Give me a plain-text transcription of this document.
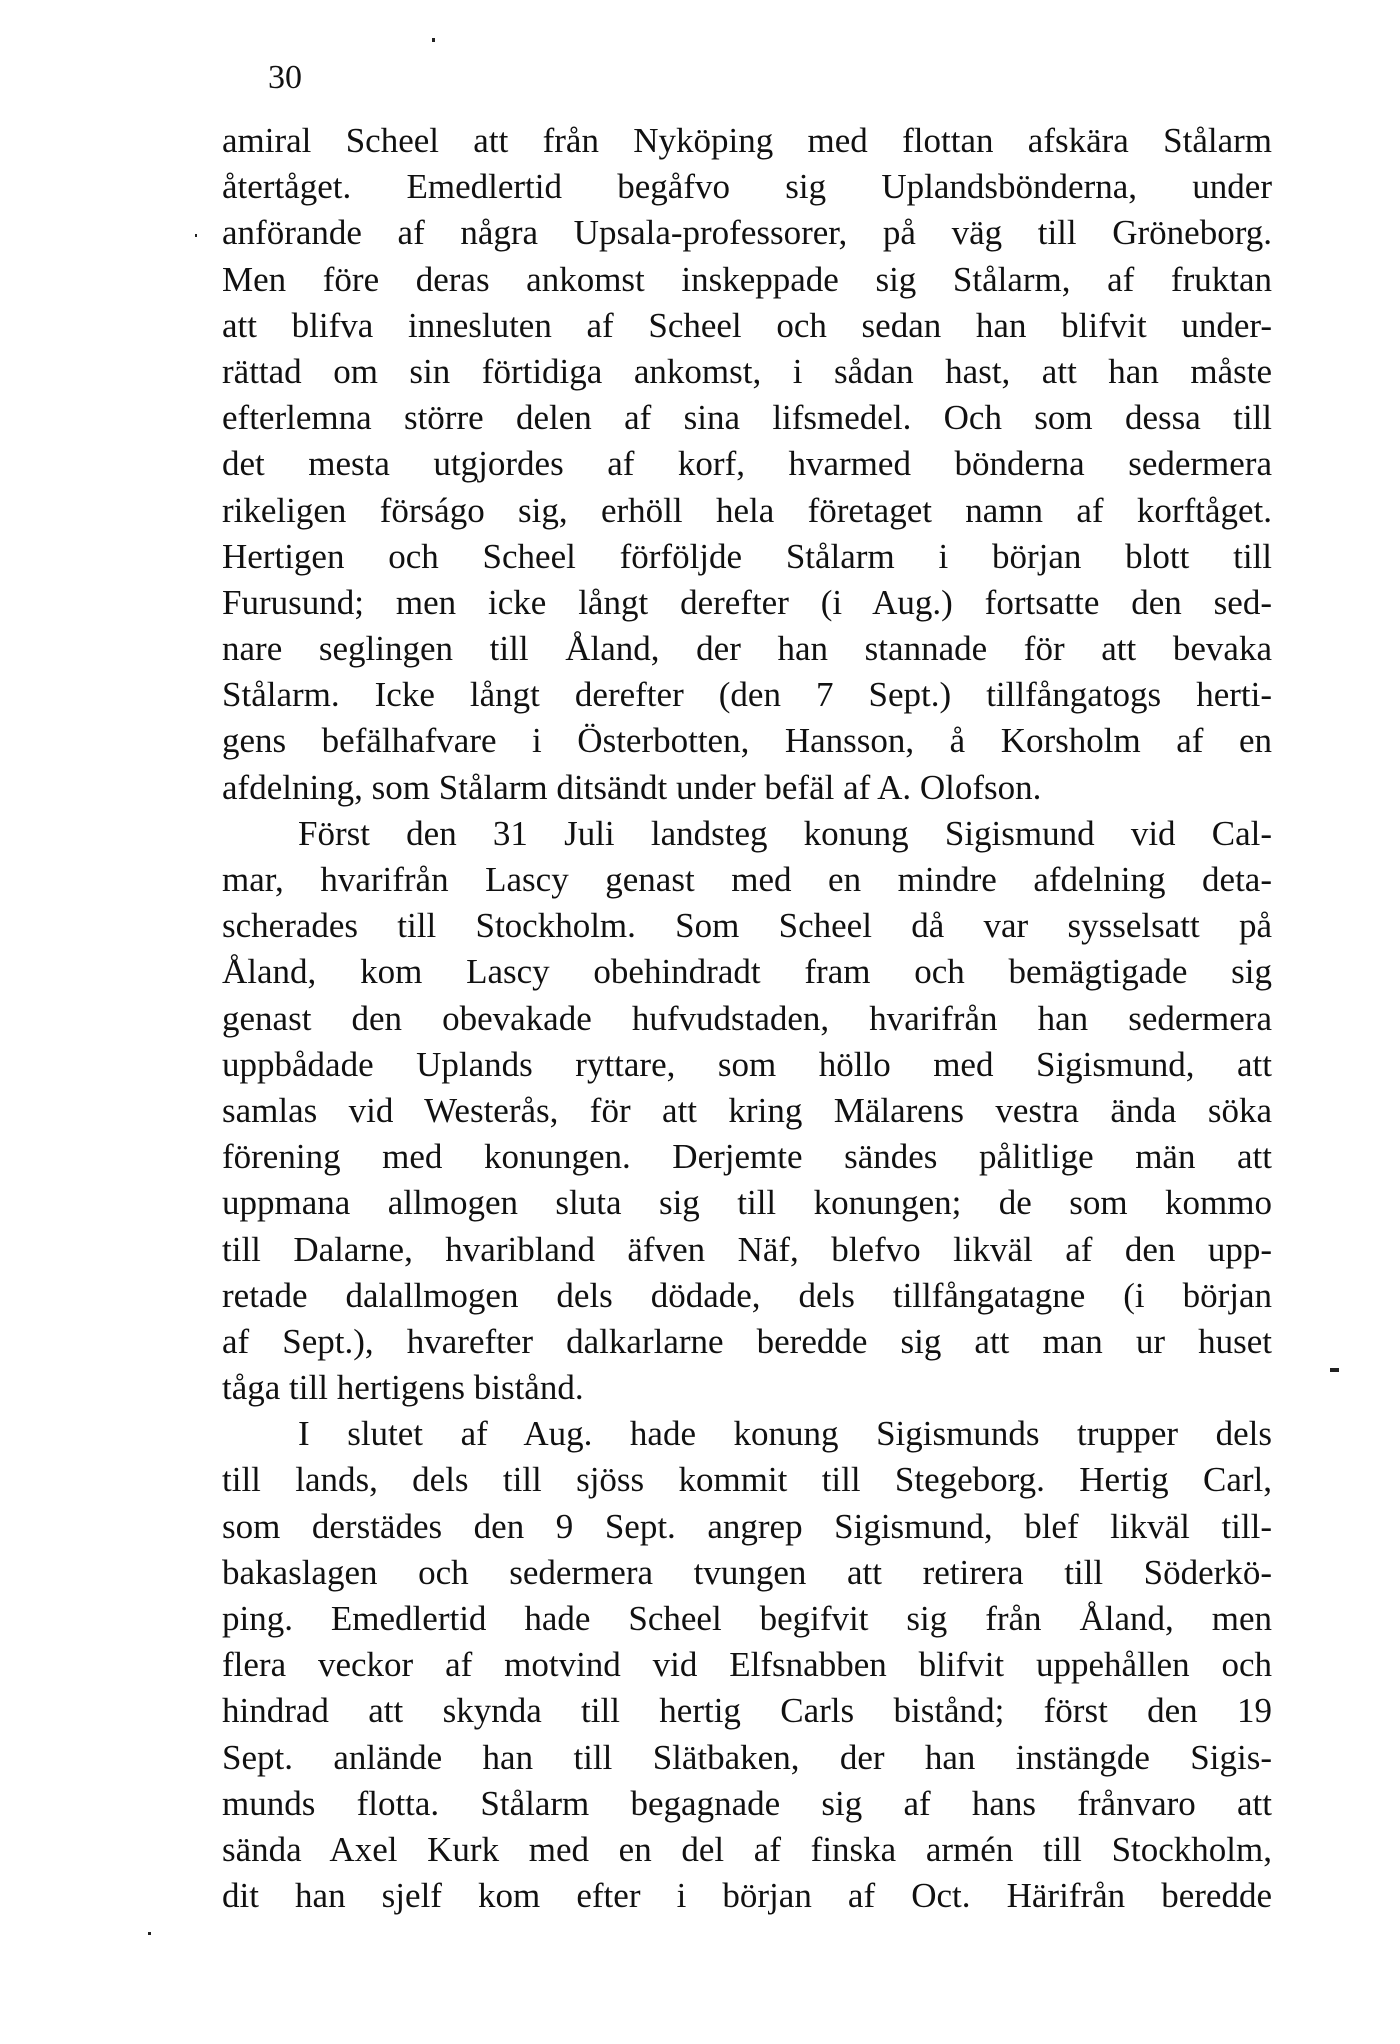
30
amiral Scheel att från Nyköping med flottan afskära Stålarm
återtåget. Emedlertid begåfvo sig Uplandsbönderna, under
anförande af några Upsala-professorer, på väg till Gröneborg.
Men före deras ankomst inskeppade sig Stålarm, af fruktan
att blifva innesluten af Scheel och sedan han blifvit under-
rättad om sin förtidiga ankomst, i sådan hast, att han måste
efterlemna större delen af sina lifsmedel. Och som dessa till
det mesta utgjordes af korf, hvarmed bönderna sedermera
rikeligen förságo sig, erhöll hela företaget namn af korftåget.
Hertigen och Scheel förföljde Stålarm i början blott till
Furusund; men icke långt derefter (i Aug.) fortsatte den sed-
nare seglingen till Åland, der han stannade för att bevaka
Stålarm. Icke långt derefter (den 7 Sept.) tillfångatogs herti-
gens befälhafvare i Österbotten, Hansson, å Korsholm af en
afdelning, som Stålarm ditsändt under befäl af A. Olofson.
Först den 31 Juli landsteg konung Sigismund vid Cal-
mar, hvarifrån Lascy genast med en mindre afdelning deta-
scherades till Stockholm. Som Scheel då var sysselsatt på
Åland, kom Lascy obehindradt fram och bemägtigade sig
genast den obevakade hufvudstaden, hvarifrån han sedermera
uppbådade Uplands ryttare, som höllo med Sigismund, att
samlas vid Westerås, för att kring Mälarens vestra ända söka
förening med konungen. Derjemte sändes pålitlige män att
uppmana allmogen sluta sig till konungen; de som kommo
till Dalarne, hvaribland äfven Näf, blefvo likväl af den upp-
retade dalallmogen dels dödade, dels tillfångatagne (i början
af Sept.), hvarefter dalkarlarne beredde sig att man ur huset
tåga till hertigens bistånd.
I slutet af Aug. hade konung Sigismunds trupper dels
till lands, dels till sjöss kommit till Stegeborg. Hertig Carl,
som derstädes den 9 Sept. angrep Sigismund, blef likväl till-
bakaslagen och sedermera tvungen att retirera till Söderkö-
ping. Emedlertid hade Scheel begifvit sig från Åland, men
flera veckor af motvind vid Elfsnabben blifvit uppehållen och
hindrad att skynda till hertig Carls bistånd; först den 19
Sept. anlände han till Slätbaken, der han instängde Sigis-
munds flotta. Stålarm begagnade sig af hans frånvaro att
sända Axel Kurk med en del af finska armén till Stockholm,
dit han sjelf kom efter i början af Oct. Härifrån beredde
